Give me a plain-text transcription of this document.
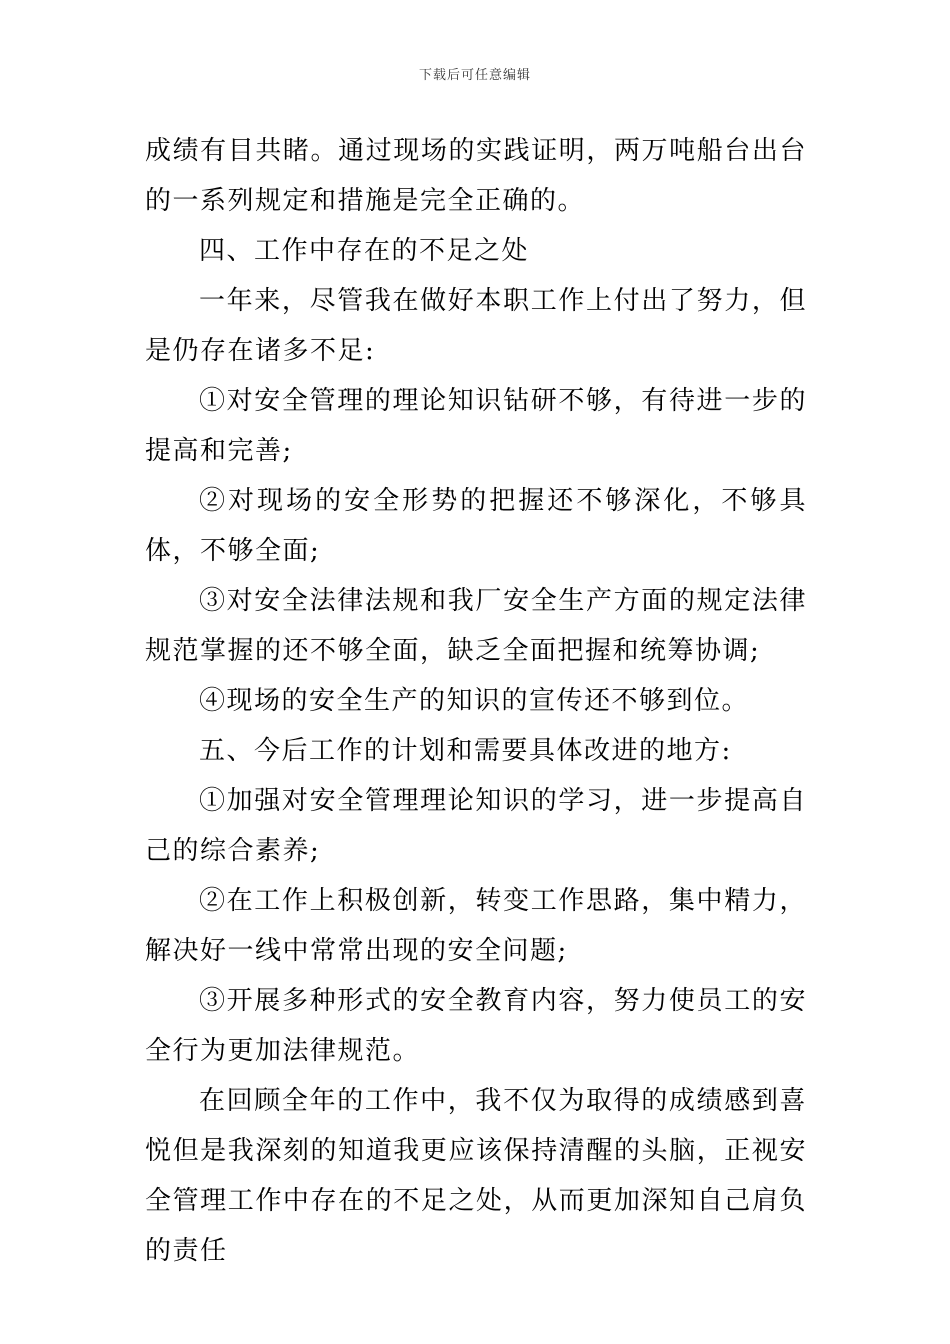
下载后可任意编辑

成绩有目共睹。通过现场的实践证明，两万吨船台出台的一系列规定和措施是完全正确的。

四、工作中存在的不足之处

一年来，尽管我在做好本职工作上付出了努力，但是仍存在诸多不足:

①对安全管理的理论知识钻研不够，有待进一步的提高和完善;

②对现场的安全形势的把握还不够深化，不够具体，不够全面;

③对安全法律法规和我厂安全生产方面的规定法律规范掌握的还不够全面，缺乏全面把握和统筹协调;

④现场的安全生产的知识的宣传还不够到位。

五、今后工作的计划和需要具体改进的地方:

①加强对安全管理理论知识的学习，进一步提高自己的综合素养;

②在工作上积极创新，转变工作思路，集中精力，解决好一线中常常出现的安全问题;

③开展多种形式的安全教育内容，努力使员工的安全行为更加法律规范。

在回顾全年的工作中，我不仅为取得的成绩感到喜悦但是我深刻的知道我更应该保持清醒的头脑，正视安全管理工作中存在的不足之处，从而更加深知自己肩负的责任
